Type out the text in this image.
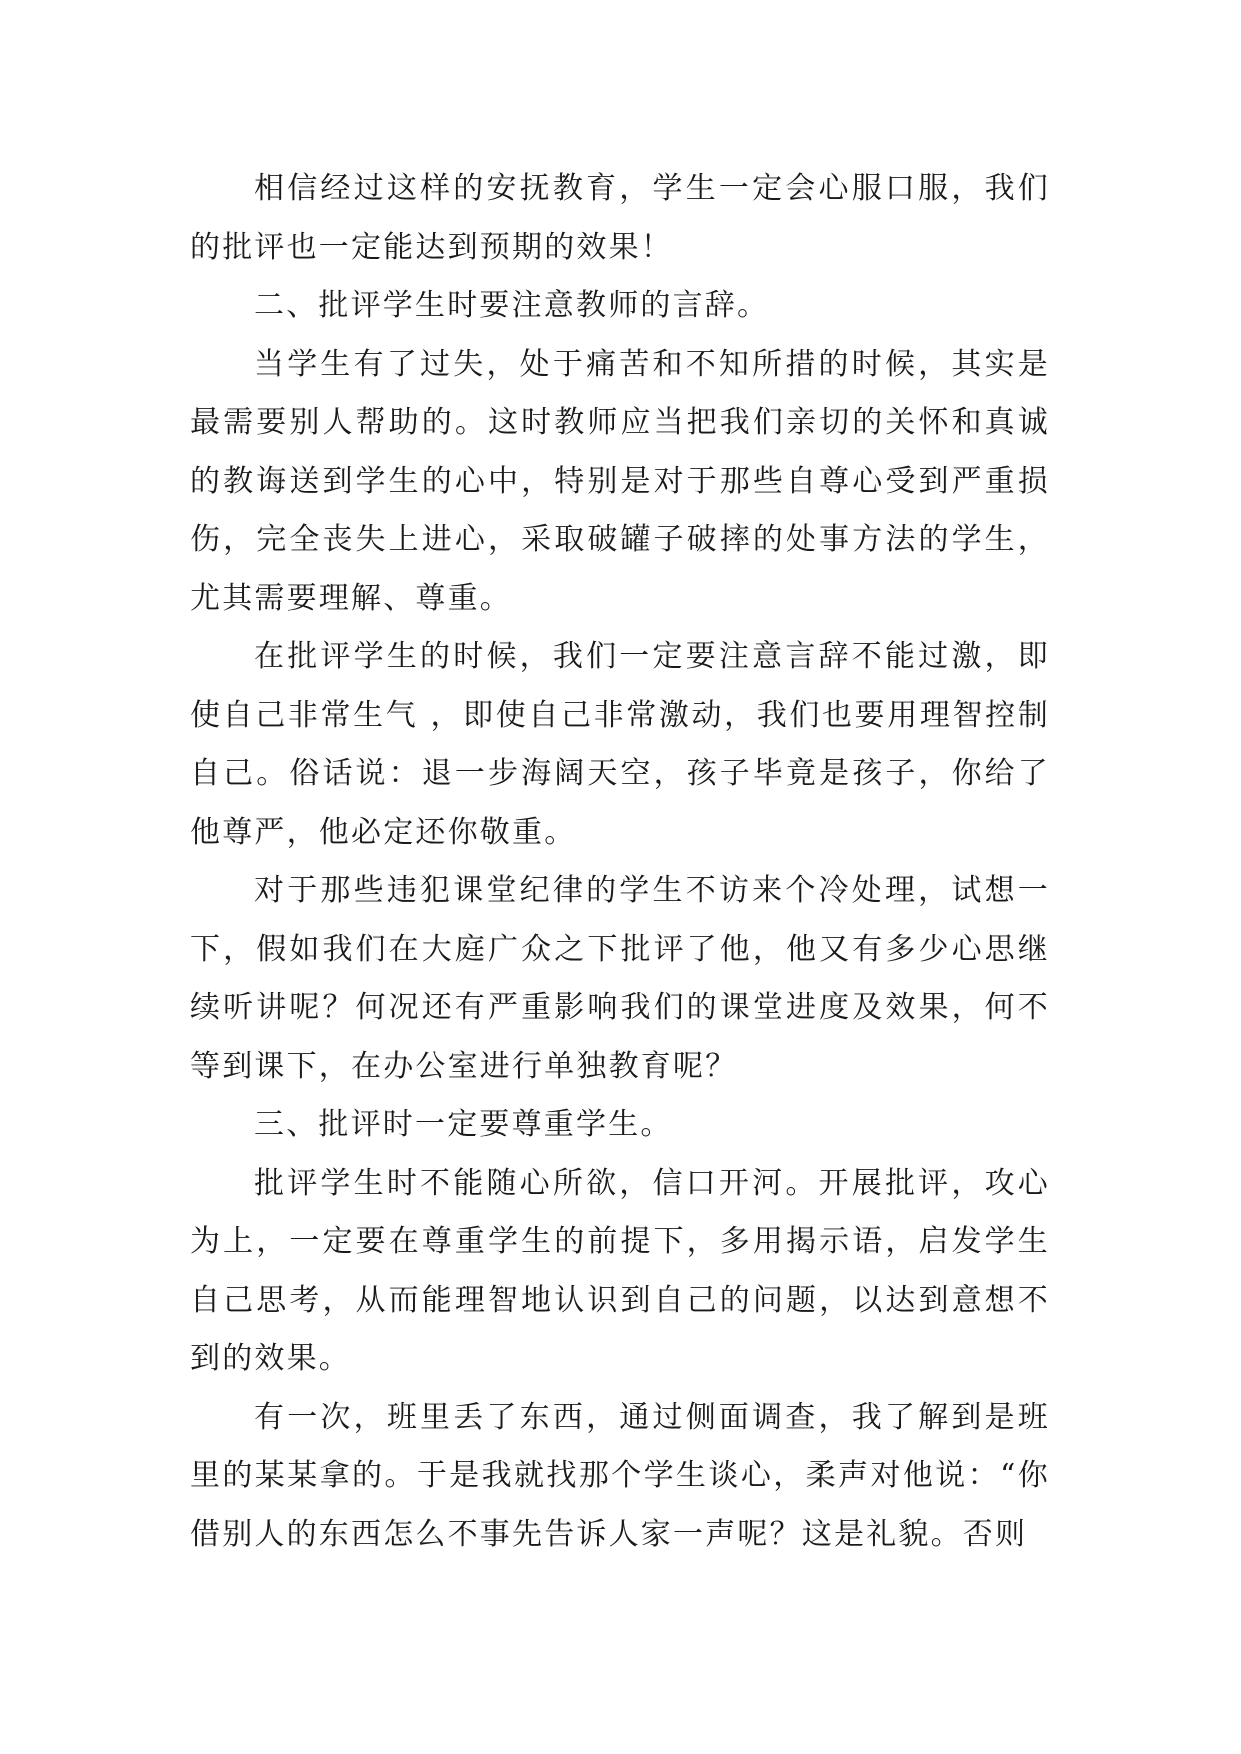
相信经过这样的安抚教育，学生一定会心服口服，我们的批评也一定能达到预期的效果！

二、批评学生时要注意教师的言辞。

当学生有了过失，处于痛苦和不知所措的时候，其实是最需要别人帮助的。这时教师应当把我们亲切的关怀和真诚的教诲送到学生的心中，特别是对于那些自尊心受到严重损伤，完全丧失上进心，采取破罐子破摔的处事方法的学生，尤其需要理解、尊重。

在批评学生的时候，我们一定要注意言辞不能过激，即使自己非常生气 ，即使自己非常激动，我们也要用理智控制自己。俗话说：退一步海阔天空，孩子毕竟是孩子，你给了他尊严，他必定还你敬重。

对于那些违犯课堂纪律的学生不访来个冷处理，试想一下，假如我们在大庭广众之下批评了他，他又有多少心思继续听讲呢？何况还有严重影响我们的课堂进度及效果，何不等到课下，在办公室进行单独教育呢？

三、批评时一定要尊重学生。

批评学生时不能随心所欲，信口开河。开展批评，攻心为上，一定要在尊重学生的前提下，多用揭示语，启发学生自己思考，从而能理智地认识到自己的问题，以达到意想不到的效果。

有一次，班里丢了东西，通过侧面调查，我了解到是班里的某某拿的。于是我就找那个学生谈心，柔声对他说：“你借别人的东西怎么不事先告诉人家一声呢？这是礼貌。否则
